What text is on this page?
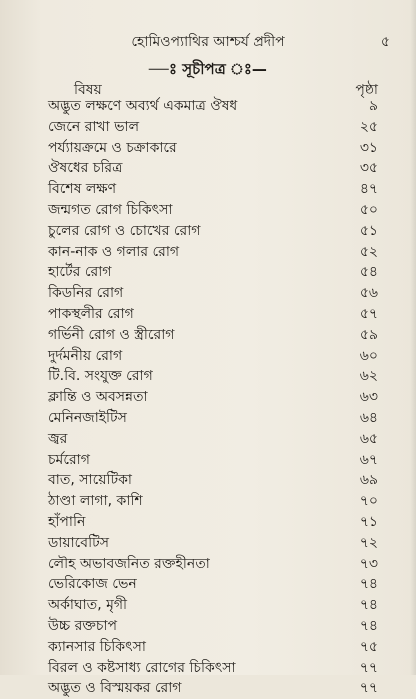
হোমিওপ্যাথির আশ্চর্য প্রদীপ	৫
—ঃ সূচীপত্র ঃ—
বিষয়	পৃষ্ঠা
অদ্ভুত লক্ষণে অব্যর্থ একমাত্র ঔষধ	৯
জেনে রাখা ভাল	২৫
পর্য্যায়ক্রমে ও চক্রাকারে	৩১
ঔষধের চরিত্র	৩৫
বিশেষ লক্ষণ	৪৭
জন্মগত রোগ চিকিৎসা	৫০
চুলের রোগ ও চোখের রোগ	৫১
কান-নাক ও গলার রোগ	৫২
হার্টের রোগ	৫৪
কিডনির রোগ	৫৬
পাকস্থলীর রোগ	৫৭
গর্ভিনী রোগ ও স্ত্রীরোগ	৫৯
দুর্দমনীয় রোগ	৬০
টি.বি. সংযুক্ত রোগ	৬২
ক্লান্তি ও অবসন্নতা	৬৩
মেনিনজাইটিস	৬৪
জ্বর	৬৫
চর্মরোগ	৬৭
বাত, সায়েটিকা	৬৯
ঠাণ্ডা লাগা, কাশি	৭০
হাঁপানি	৭১
ডায়াবেটিস	৭২
লৌহ অভাবজনিত রক্তহীনতা	৭৩
ভেরিকোজ ভেন	৭৪
অর্কাঘাত, মৃগী	৭৪
উচ্চ রক্তচাপ	৭৪
ক্যানসার চিকিৎসা	৭৫
বিরল ও কষ্টসাধ্য রোগের চিকিৎসা	৭৭
অদ্ভুত ও বিস্ময়কর রোগ	৭৭
